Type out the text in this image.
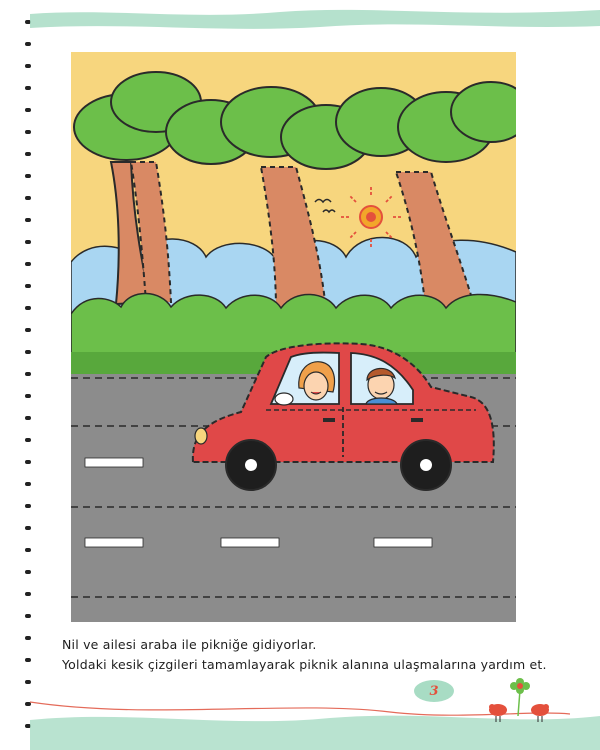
Nil ve ailesi araba ile pikniğe gidiyorlar.
Yoldaki kesik çizgileri tamamlayarak piknik alanına ulaşmalarına yardım et.
3
